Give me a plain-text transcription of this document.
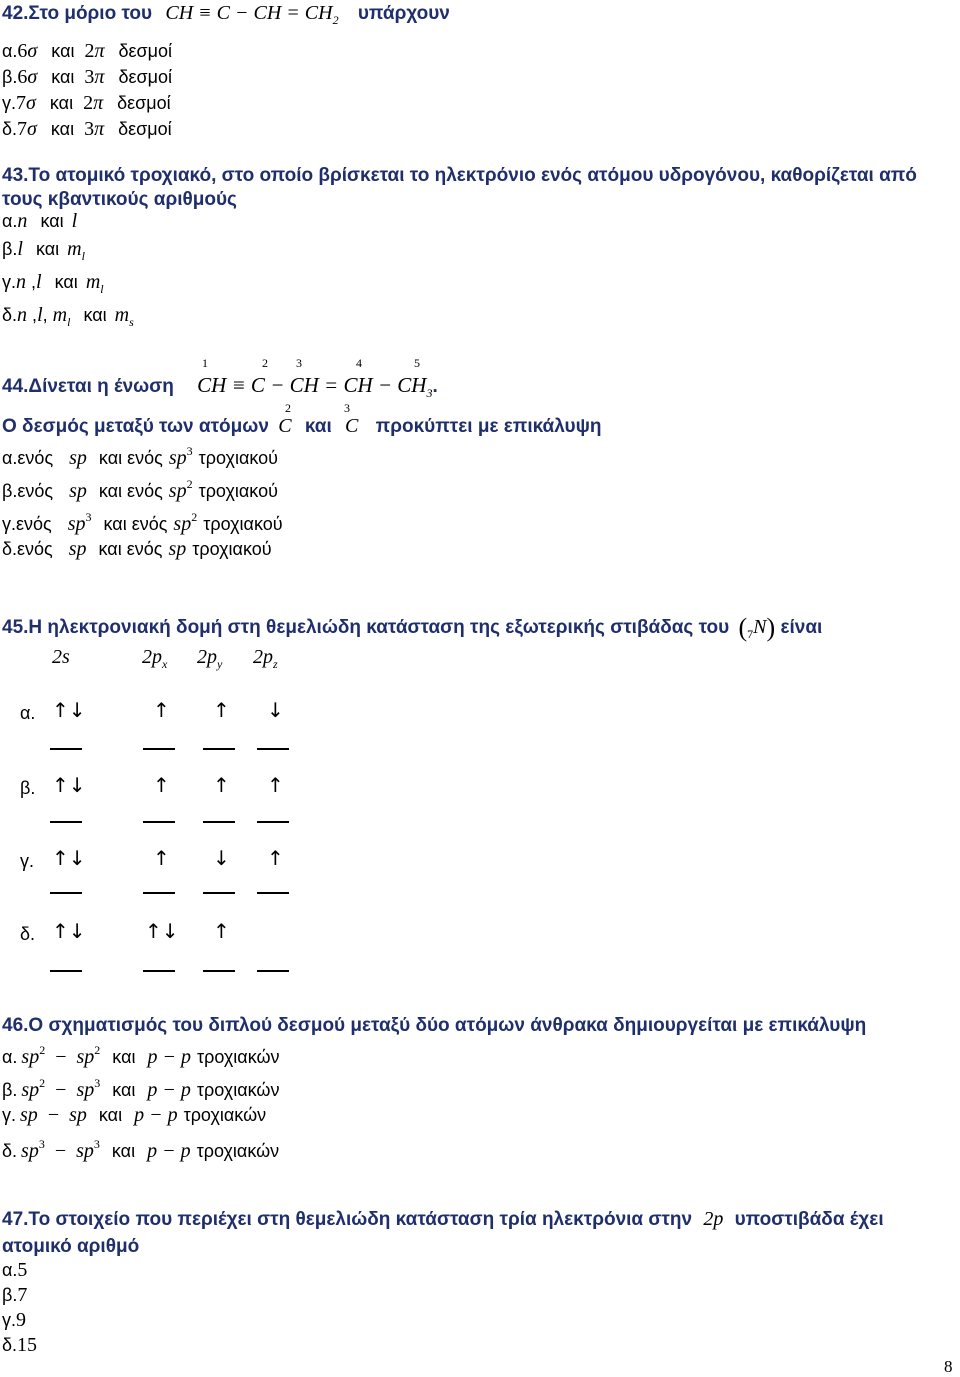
42.Στο μόριο του CH ≡ C − CH = $CH_2$ υπάρχουν
α.6σ και 2π δεσμοί
β.6σ και 3π δεσμοί
γ.7σ και 2π δεσμοί
δ.7σ και 3π δεσμοί
43.Το ατομικό τροχιακό, στο οποίο βρίσκεται το ηλεκτρόνιο ενός ατόμου υδρογόνου, καθορίζεται από
τους κβαντικούς αριθμούς
α.n και l
β.l και $m_l$
γ.n ,l και $m_l$
δ.n ,l, $m_l$ και $m_s$
1	2 3	4	5
44.Δίνεται η ένωση CH ≡ C − CH = CH − $CH_3$.
2	3
Ο δεσμός μεταξύ των ατόμων C και C προκύπτει με επικάλυψη
α.ενός sp και ενός $sp^3$ τροχιακού
β.ενός sp και ενός $sp^2$ τροχιακού
γ.ενός $sp^3$ και ενός $sp^2$ τροχιακού
δ.ενός sp και ενός sp τροχιακού
45.Η ηλεκτρονιακή δομή στη θεμελιώδη κατάσταση της εξωτερικής στιβάδας του $(_7N)$ είναι
2s	$2p_x$ $2p_y$ $2p_z$
α. ↑↓	↑ ↑ ↓
β. ↑↓	↑ ↑ ↑
γ. ↑↓	↑ ↓ ↑
δ. ↑↓	↑↓ ↑
46.Ο σχηματισμός του διπλού δεσμού μεταξύ δύο ατόμων άνθρακα δημιουργείται με επικάλυψη
α. $sp^2 - sp^2$ και p − p τροχιακών
β. $sp^2 - sp^3$ και p − p τροχιακών
γ. sp − sp και p − p τροχιακών
δ. $sp^3 - sp^3$ και p − p τροχιακών
47.Το στοιχείο που περιέχει στη θεμελιώδη κατάσταση τρία ηλεκτρόνια στην 2p υποστιβάδα έχει
ατομικό αριθμό
α.5
β.7
γ.9
δ.15
8
